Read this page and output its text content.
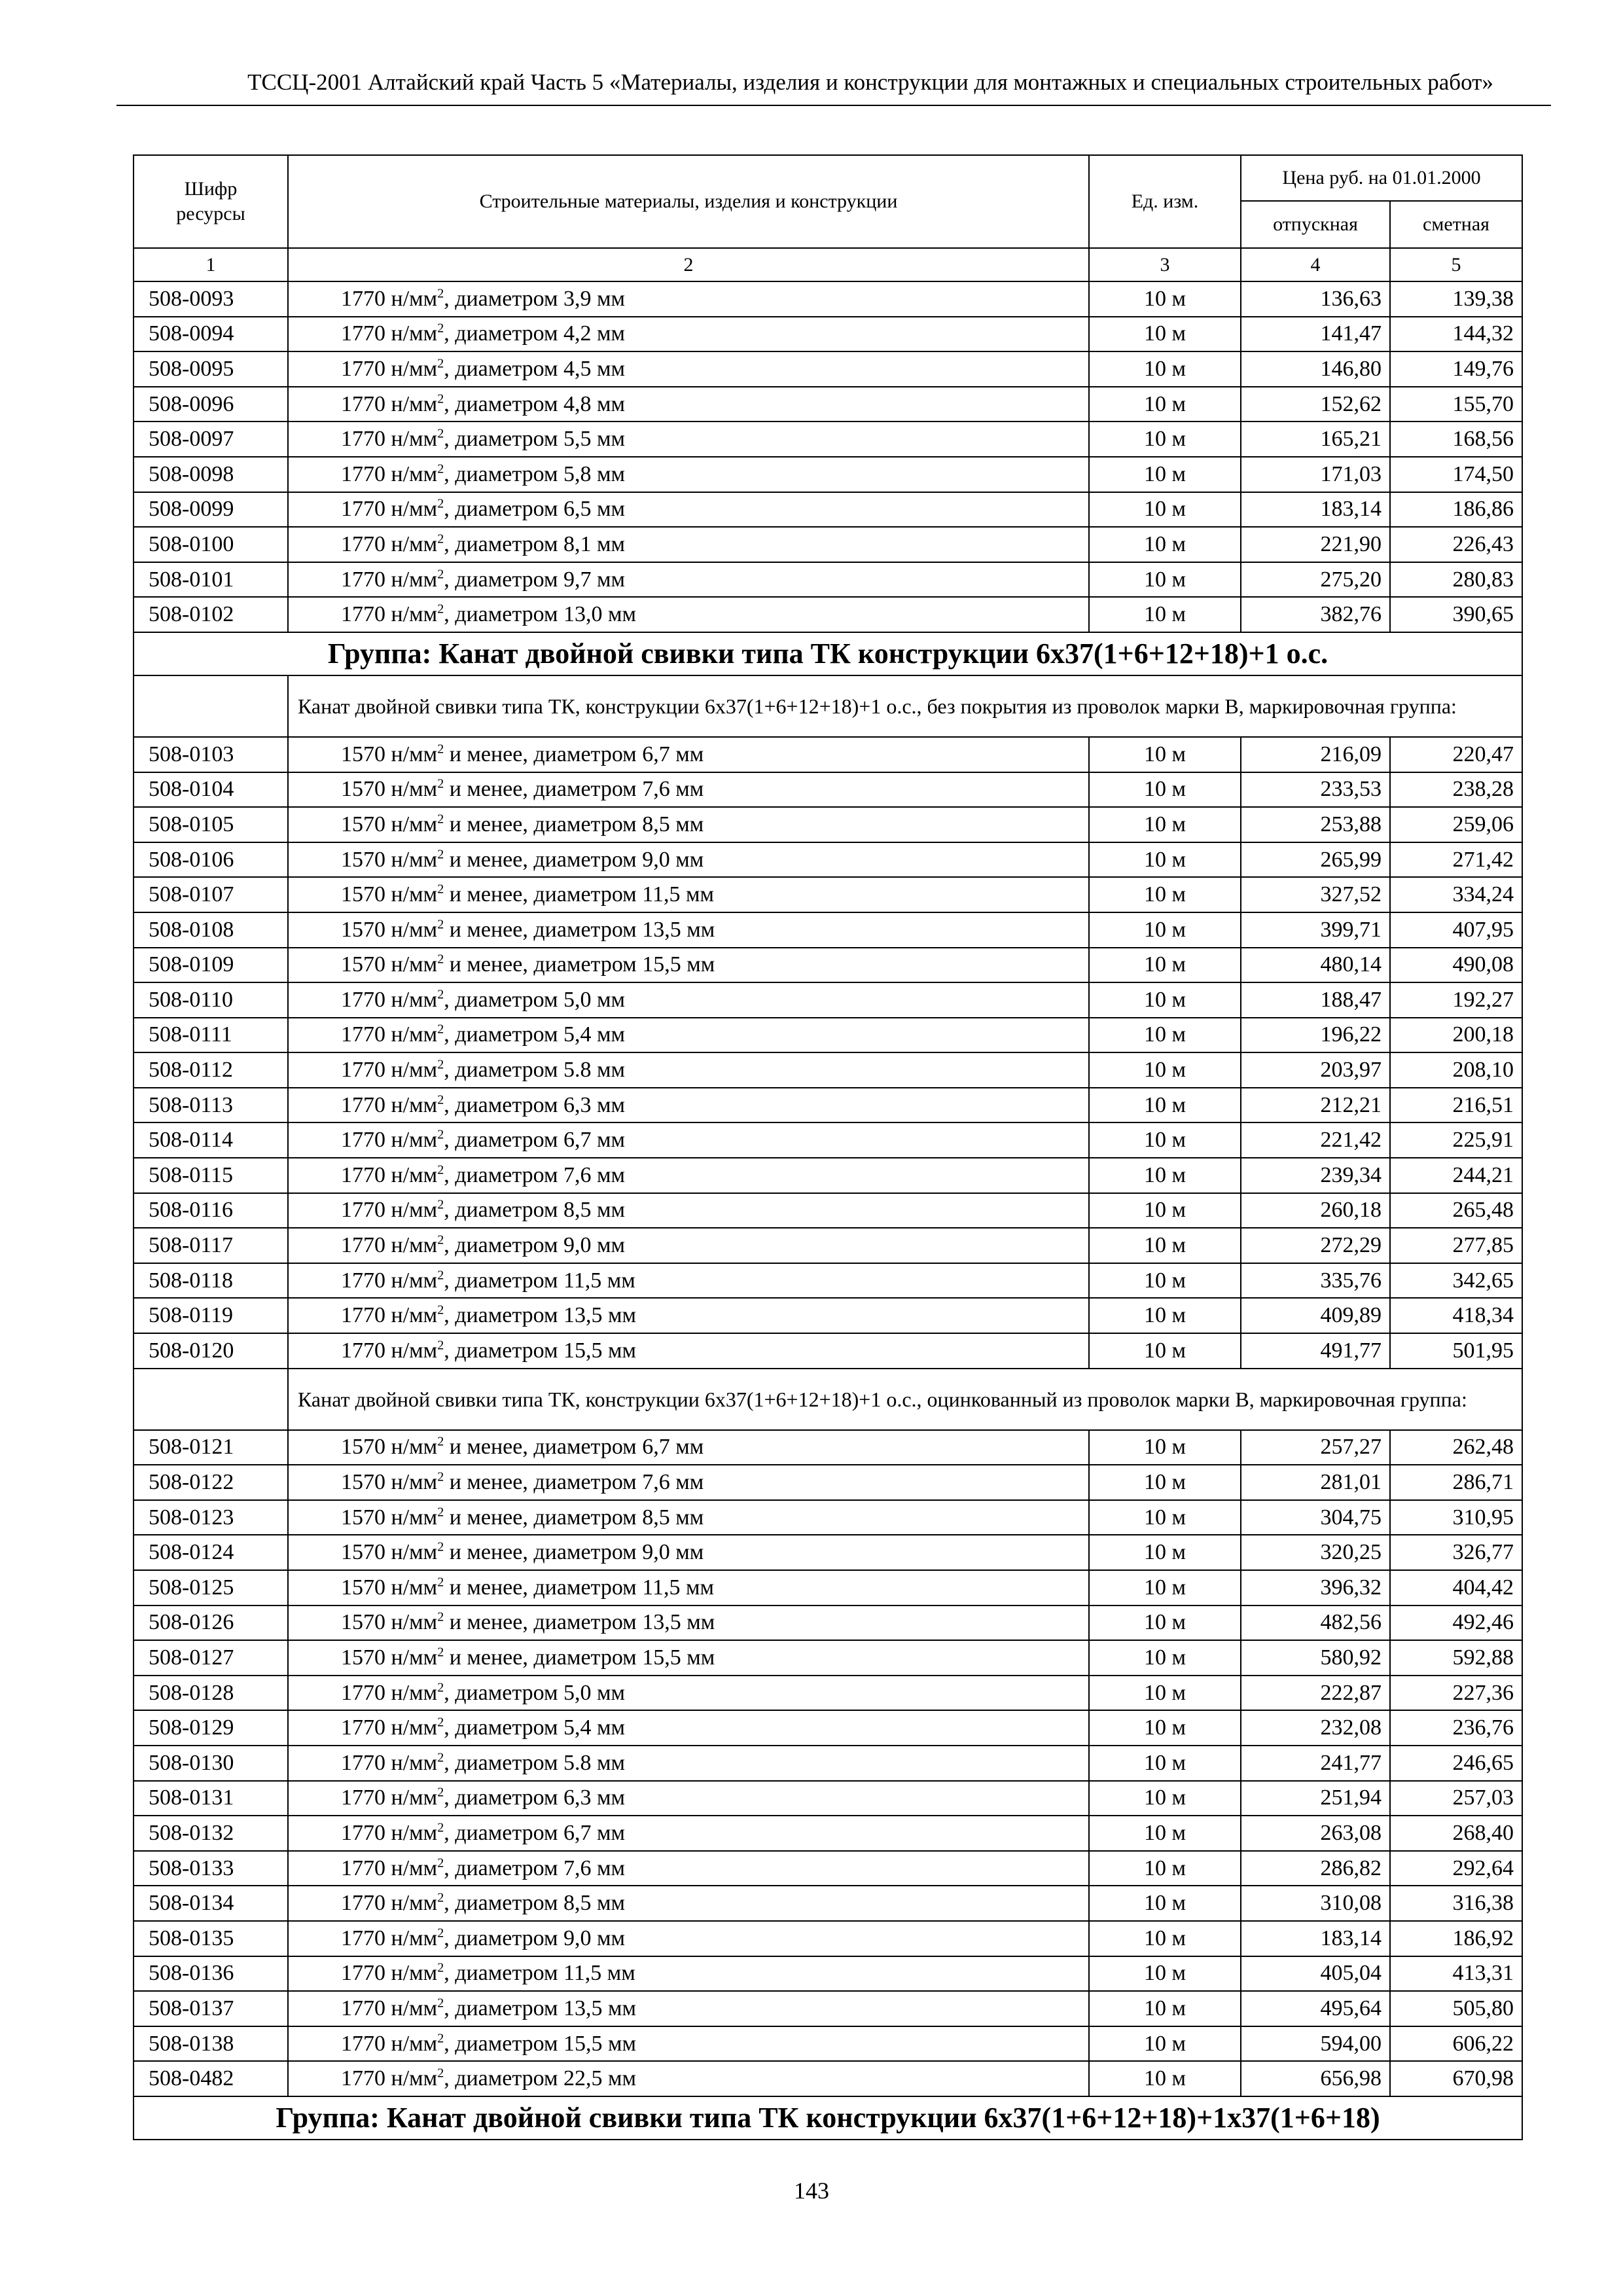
ТССЦ-2001 Алтайский край Часть 5 «Материалы, изделия и конструкции для монтажных и специальных строительных работ»
Шифр ресурсы	Строительные материалы, изделия и конструкции	Ед. изм.	Цена руб. на 01.01.2000	
			отпускная	сметная
1	2	3	4	5
508-0093	1770 $н/мм^2$, диаметром 3,9 мм	10 м	136,63	139,38
508-0094	1770 $н/мм^2$, диаметром 4,2 мм	10 м	141,47	144,32
508-0095	1770 $н/мм^2$, диаметром 4,5 мм	10 м	146,80	149,76
508-0096	1770 $н/мм^2$, диаметром 4,8 мм	10 м	152,62	155,70
508-0097	1770 $н/мм^2$, диаметром 5,5 мм	10 м	165,21	168,56
508-0098	1770 $н/мм^2$, диаметром 5,8 мм	10 м	171,03	174,50
508-0099	1770 $н/мм^2$, диаметром 6,5 мм	10 м	183,14	186,86
508-0100	1770 $н/мм^2$, диаметром 8,1 мм	10 м	221,90	226,43
508-0101	1770 $н/мм^2$, диаметром 9,7 мм	10 м	275,20	280,83
508-0102	1770 $н/мм^2$, диаметром 13,0 мм	10 м	382,76	390,65
Группа: Канат двойной свивки типа ТК конструкции 6х37(1+6+12+18)+1 о.с.				
	Канат двойной свивки типа ТК, конструкции 6х37(1+6+12+18)+1 о.с., без покрытия из проволок марки В, маркировочная группа:			
508-0103	1570 $н/мм^2$ и менее, диаметром 6,7 мм	10 м	216,09	220,47
508-0104	1570 $н/мм^2$ и менее, диаметром 7,6 мм	10 м	233,53	238,28
508-0105	1570 $н/мм^2$ и менее, диаметром 8,5 мм	10 м	253,88	259,06
508-0106	1570 $н/мм^2$ и менее, диаметром 9,0 мм	10 м	265,99	271,42
508-0107	1570 $н/мм^2$ и менее, диаметром 11,5 мм	10 м	327,52	334,24
508-0108	1570 $н/мм^2$ и менее, диаметром 13,5 мм	10 м	399,71	407,95
508-0109	1570 $н/мм^2$ и менее, диаметром 15,5 мм	10 м	480,14	490,08
508-0110	1770 $н/мм^2$, диаметром 5,0 мм	10 м	188,47	192,27
508-0111	1770 $н/мм^2$, диаметром 5,4 мм	10 м	196,22	200,18
508-0112	1770 $н/мм^2$, диаметром 5.8 мм	10 м	203,97	208,10
508-0113	1770 $н/мм^2$, диаметром 6,3 мм	10 м	212,21	216,51
508-0114	1770 $н/мм^2$, диаметром 6,7 мм	10 м	221,42	225,91
508-0115	1770 $н/мм^2$, диаметром 7,6 мм	10 м	239,34	244,21
508-0116	1770 $н/мм^2$, диаметром 8,5 мм	10 м	260,18	265,48
508-0117	1770 $н/мм^2$, диаметром 9,0 мм	10 м	272,29	277,85
508-0118	1770 $н/мм^2$, диаметром 11,5 мм	10 м	335,76	342,65
508-0119	1770 $н/мм^2$, диаметром 13,5 мм	10 м	409,89	418,34
508-0120	1770 $н/мм^2$, диаметром 15,5 мм	10 м	491,77	501,95
	Канат двойной свивки типа ТК, конструкции 6х37(1+6+12+18)+1 о.с., оцинкованный из проволок марки В, маркировочная группа:			
508-0121	1570 $н/мм^2$ и менее, диаметром 6,7 мм	10 м	257,27	262,48
508-0122	1570 $н/мм^2$ и менее, диаметром 7,6 мм	10 м	281,01	286,71
508-0123	1570 $н/мм^2$ и менее, диаметром 8,5 мм	10 м	304,75	310,95
508-0124	1570 $н/мм^2$ и менее, диаметром 9,0 мм	10 м	320,25	326,77
508-0125	1570 $н/мм^2$ и менее, диаметром 11,5 мм	10 м	396,32	404,42
508-0126	1570 $н/мм^2$ и менее, диаметром 13,5 мм	10 м	482,56	492,46
508-0127	1570 $н/мм^2$ и менее, диаметром 15,5 мм	10 м	580,92	592,88
508-0128	1770 $н/мм^2$, диаметром 5,0 мм	10 м	222,87	227,36
508-0129	1770 $н/мм^2$, диаметром 5,4 мм	10 м	232,08	236,76
508-0130	1770 $н/мм^2$, диаметром 5.8 мм	10 м	241,77	246,65
508-0131	1770 $н/мм^2$, диаметром 6,3 мм	10 м	251,94	257,03
508-0132	1770 $н/мм^2$, диаметром 6,7 мм	10 м	263,08	268,40
508-0133	1770 $н/мм^2$, диаметром 7,6 мм	10 м	286,82	292,64
508-0134	1770 $н/мм^2$, диаметром 8,5 мм	10 м	310,08	316,38
508-0135	1770 $н/мм^2$, диаметром 9,0 мм	10 м	183,14	186,92
508-0136	1770 $н/мм^2$, диаметром 11,5 мм	10 м	405,04	413,31
508-0137	1770 $н/мм^2$, диаметром 13,5 мм	10 м	495,64	505,80
508-0138	1770 $н/мм^2$, диаметром 15,5 мм	10 м	594,00	606,22
508-0482	1770 $н/мм^2$, диаметром 22,5 мм	10 м	656,98	670,98
Группа: Канат двойной свивки типа ТК конструкции 6х37(1+6+12+18)+1х37(1+6+18)				
143
